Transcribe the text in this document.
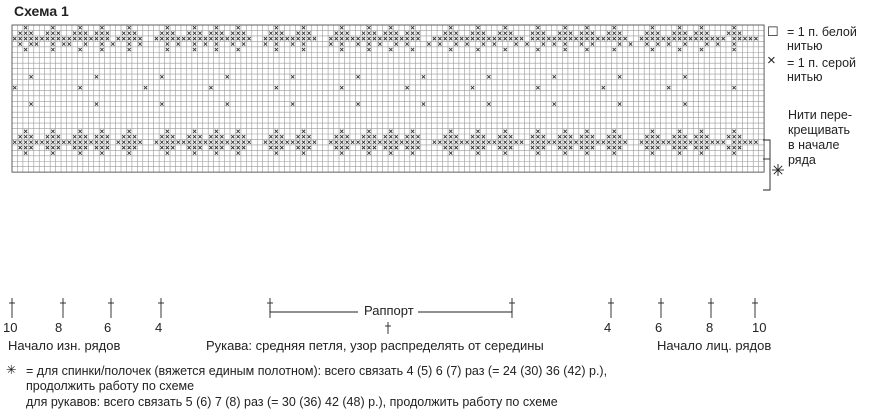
Схема 1
☐ = 1 п. белой
нитью
× = 1 п. серой
нитью
Нити пере-
крещивать
в начале
ряда
10	8	6	4	4	6	8	10
Раппорт
Начало изн. рядов	Рукава: средняя петля, узор распределять от середины	Начало лиц. рядов
✳ = для спинки/полочек (вяжется единым полотном): всего связать 4 (5) 6 (7) раз (= 24 (30) 36 (42) р.),
продолжить работу по схеме
для рукавов: всего связать 5 (6) 7 (8) раз (= 30 (36) 42 (48) р.), продолжить работу по схеме
